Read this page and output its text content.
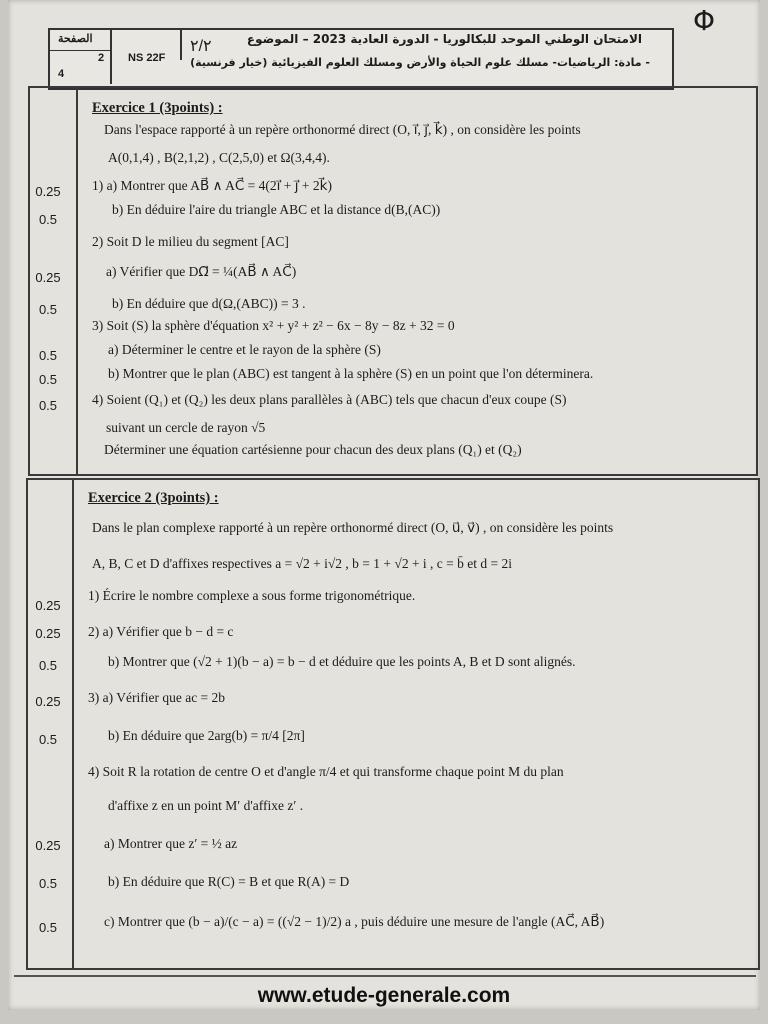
الصفحة
2
4
NS 22F
٢/٢	الامتحان الوطني الموحد للبكالوريا - الدورة العادية 2023 – الموضوع
- مادة: الرياضيات- مسلك علوم الحياة والأرض ومسلك العلوم الفيزيائية (خيار فرنسية)
Φ
Exercice 1 (3points) :
Dans l'espace rapporté à un repère orthonormé direct (O, i⃗, j⃗, k⃗) , on considère les points
A(0,1,4) , B(2,1,2) , C(2,5,0) et Ω(3,4,4).
1) a) Montrer que AB⃗ ∧ AC⃗ = 4(2i⃗ + j⃗ + 2k⃗)
b) En déduire l'aire du triangle ABC et la distance d(B,(AC))
2) Soit D le milieu du segment [AC]
a) Vérifier que DΩ⃗ = ¼(AB⃗ ∧ AC⃗)
b) En déduire que d(Ω,(ABC)) = 3 .
3) Soit (S) la sphère d'équation x² + y² + z² − 6x − 8y − 8z + 32 = 0
a) Déterminer le centre et le rayon de la sphère (S)
b) Montrer que le plan (ABC) est tangent à la sphère (S) en un point que l'on déterminera.
4) Soient (Q₁) et (Q₂) les deux plans parallèles à (ABC) tels que chacun d'eux coupe (S)
suivant un cercle de rayon √5
Déterminer une équation cartésienne pour chacun des deux plans (Q₁) et (Q₂)
0.25
0.5
0.25
0.5
0.5
0.5
0.5
Exercice 2 (3points) :
Dans le plan complexe rapporté à un repère orthonormé direct (O, u⃗, v⃗) , on considère les points
A, B, C et D d'affixes respectives a = √2 + i√2 , b = 1 + √2 + i , c = b̄ et d = 2i
1) Écrire le nombre complexe a sous forme trigonométrique.
2) a) Vérifier que b − d = c
b) Montrer que (√2 + 1)(b − a) = b − d et déduire que les points A, B et D sont alignés.
3) a) Vérifier que ac = 2b
b) En déduire que 2arg(b) = π/4 [2π]
4) Soit R la rotation de centre O et d'angle π/4 et qui transforme chaque point M du plan
d'affixe z en un point M′ d'affixe z′ .
a) Montrer que z′ = ½ az
b) En déduire que R(C) = B et que R(A) = D
c) Montrer que (b − a)/(c − a) = ((√2 − 1)/2) a , puis déduire une mesure de l'angle (AC⃗, AB⃗)
0.25
0.25
0.5
0.25
0.5
0.25
0.5
0.5
www.etude-generale.com
